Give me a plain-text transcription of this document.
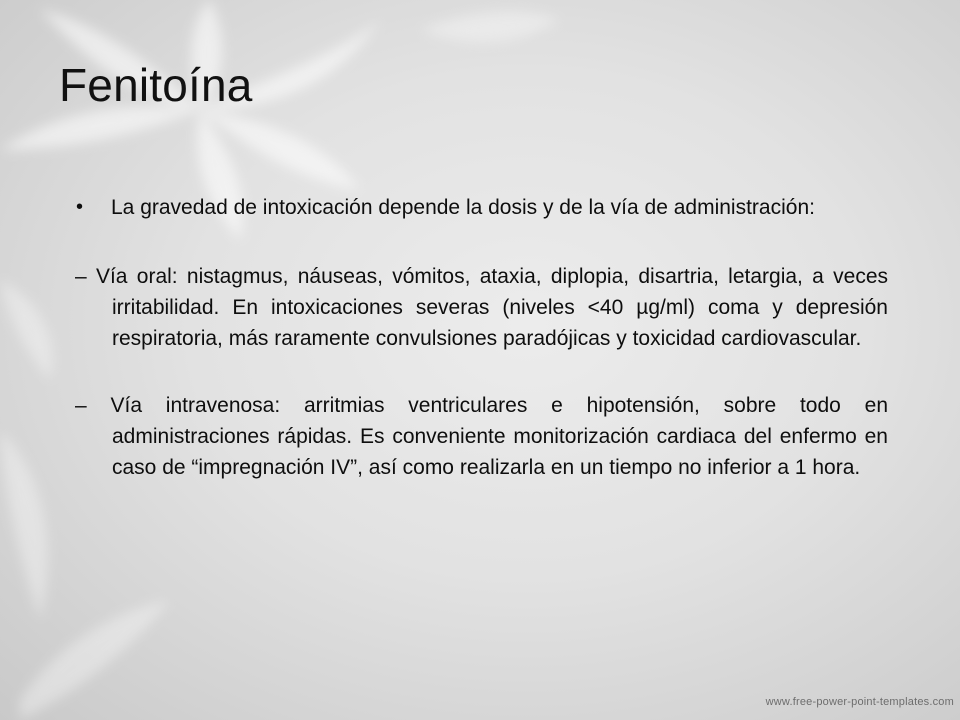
Fenitoína
• La gravedad de intoxicación depende la dosis y de la vía de administración:
– Vía oral: nistagmus, náuseas, vómitos, ataxia, diplopia, disartria, letargia, a veces irritabilidad. En intoxicaciones severas (niveles <40 µg/ml) coma y depresión respiratoria, más raramente convulsiones paradójicas y toxicidad cardiovascular.
– Vía intravenosa: arritmias ventriculares e hipotensión, sobre todo en administraciones rápidas. Es conveniente monitorización cardiaca del enfermo en caso de “impregnación IV”, así como realizarla en un tiempo no inferior a 1 hora.
www.free-power-point-templates.com
